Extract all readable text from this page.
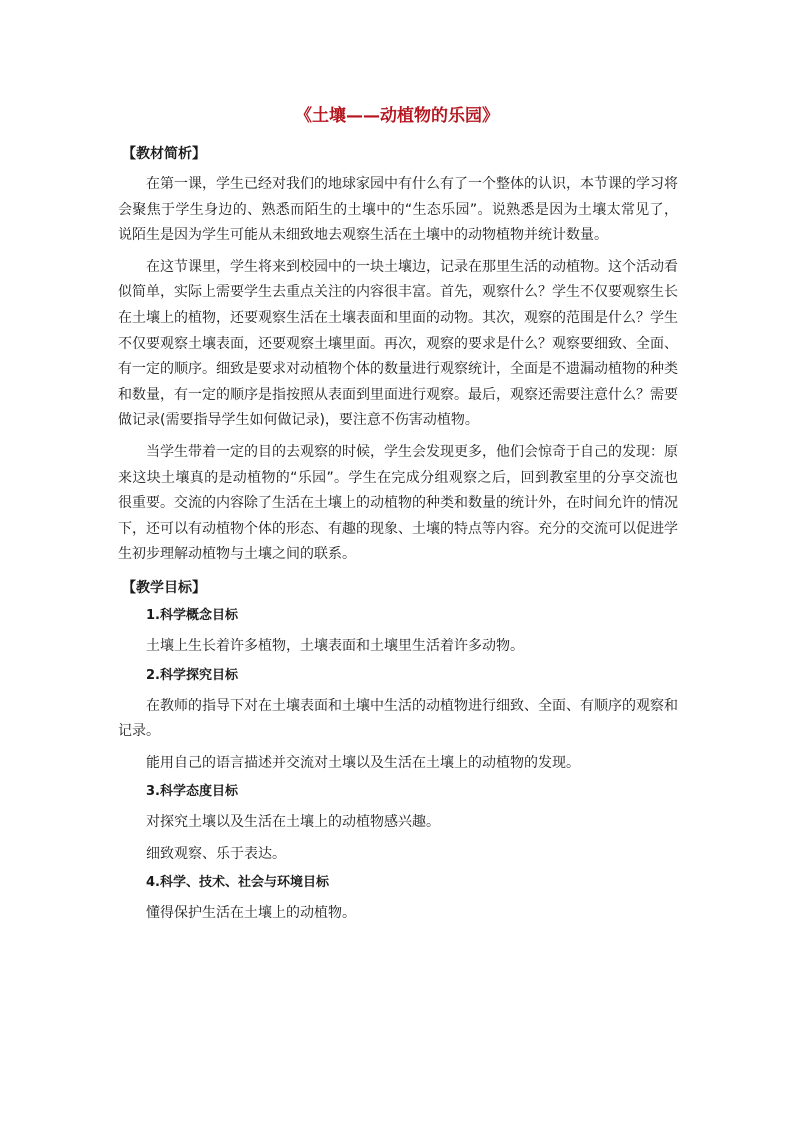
《土壤——动植物的乐园》
【教材简析】

在第一课，学生已经对我们的地球家园中有什么有了一个整体的认识，本节课的学习将会聚焦于学生身边的、熟悉而陌生的土壤中的“生态乐园”。说熟悉是因为土壤太常见了，说陌生是因为学生可能从未细致地去观察生活在土壤中的动物植物并统计数量。

在这节课里，学生将来到校园中的一块土壤边，记录在那里生活的动植物。这个活动看似简单，实际上需要学生去重点关注的内容很丰富。首先，观察什么？学生不仅要观察生长在土壤上的植物，还要观察生活在土壤表面和里面的动物。其次，观察的范围是什么？学生不仅要观察土壤表面，还要观察土壤里面。再次，观察的要求是什么？观察要细致、全面、有一定的顺序。细致是要求对动植物个体的数量进行观察统计，全面是不遗漏动植物的种类和数量，有一定的顺序是指按照从表面到里面进行观察。最后，观察还需要注意什么？需要做记录(需要指导学生如何做记录)，要注意不伤害动植物。

当学生带着一定的目的去观察的时候，学生会发现更多，他们会惊奇于自己的发现：原来这块土壤真的是动植物的“乐园”。学生在完成分组观察之后，回到教室里的分享交流也很重要。交流的内容除了生活在土壤上的动植物的种类和数量的统计外，在时间允许的情况下，还可以有动植物个体的形态、有趣的现象、土壤的特点等内容。充分的交流可以促进学生初步理解动植物与土壤之间的联系。

【教学目标】
1.科学概念目标

土壤上生长着许多植物，土壤表面和土壤里生活着许多动物。

2.科学探究目标

在教师的指导下对在土壤表面和土壤中生活的动植物进行细致、全面、有顺序的观察和记录。

能用自己的语言描述并交流对土壤以及生活在土壤上的动植物的发现。

3.科学态度目标

对探究土壤以及生活在土壤上的动植物感兴趣。

细致观察、乐于表达。

4.科学、技术、社会与环境目标

懂得保护生活在土壤上的动植物。
